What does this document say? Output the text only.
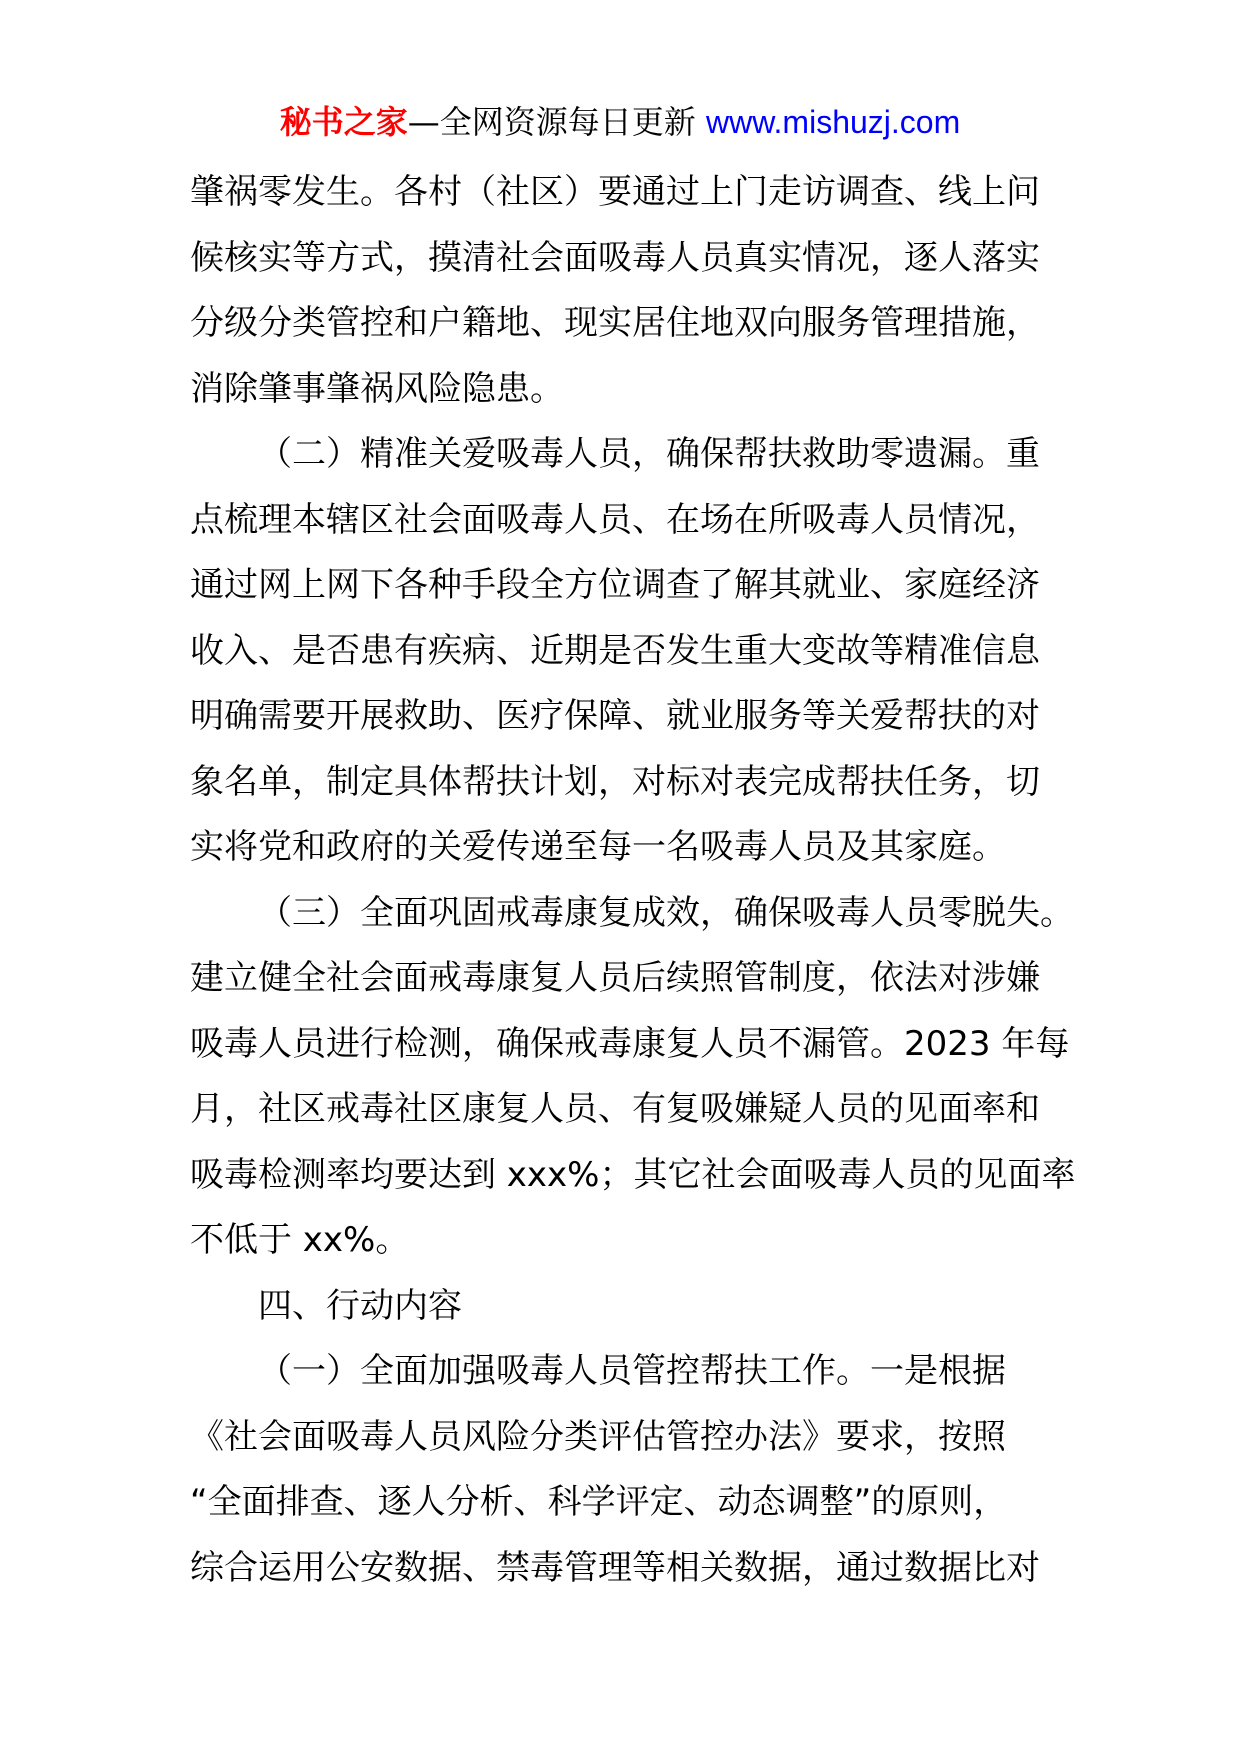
秘书之家—全网资源每日更新 www.mishuzj.com
肇祸零发生。各村（社区）要通过上门走访调查、线上问
候核实等方式，摸清社会面吸毒人员真实情况，逐人落实
分级分类管控和户籍地、现实居住地双向服务管理措施，
消除肇事肇祸风险隐患。
（二）精准关爱吸毒人员，确保帮扶救助零遗漏。重
点梳理本辖区社会面吸毒人员、在场在所吸毒人员情况，
通过网上网下各种手段全方位调查了解其就业、家庭经济
收入、是否患有疾病、近期是否发生重大变故等精准信息
明确需要开展救助、医疗保障、就业服务等关爱帮扶的对
象名单，制定具体帮扶计划，对标对表完成帮扶任务，切
实将党和政府的关爱传递至每一名吸毒人员及其家庭。
（三）全面巩固戒毒康复成效，确保吸毒人员零脱失。
建立健全社会面戒毒康复人员后续照管制度，依法对涉嫌
吸毒人员进行检测，确保戒毒康复人员不漏管。2023 年每
月，社区戒毒社区康复人员、有复吸嫌疑人员的见面率和
吸毒检测率均要达到 xxx%；其它社会面吸毒人员的见面率
不低于 xx%。
四、行动内容
（一）全面加强吸毒人员管控帮扶工作。一是根据
《社会面吸毒人员风险分类评估管控办法》要求，按照
“全面排查、逐人分析、科学评定、动态调整”的原则，
综合运用公安数据、禁毒管理等相关数据，通过数据比对
